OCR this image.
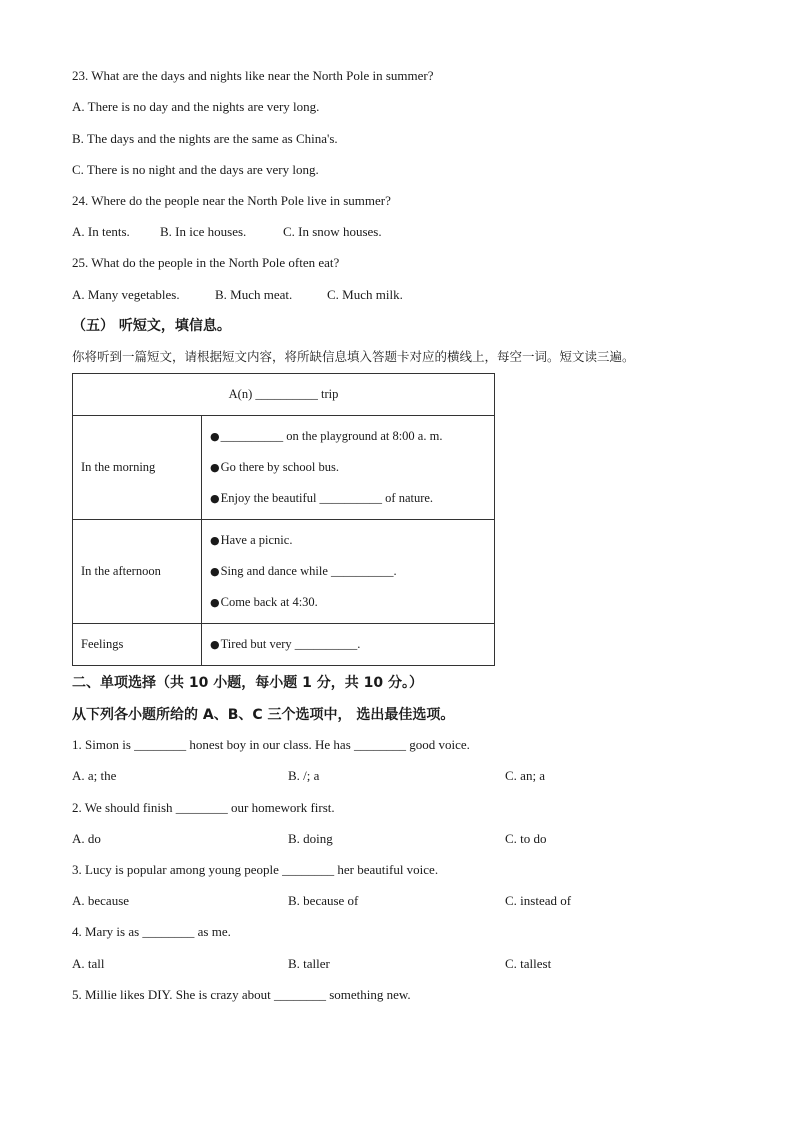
23. What are the days and nights like near the North Pole in summer?
A. There is no day and the nights are very long.
B. The days and the nights are the same as China's.
C. There is no night and the days are very long.
24. Where do the people near the North Pole live in summer?
A. In tents. B. In ice houses.	C. In snow houses.
25. What do the people in the North Pole often eat?
A. Many vegetables.	B. Much meat.	C. Much milk.
（五） 听短文，填信息。
你将听到一篇短文，请根据短文内容，将所缺信息填入答题卡对应的横线上，每空一词。短文读三遍。
A(n) __________ trip	
In the morning	●__________ on the playground at 8:00 a. m.
●Go there by school bus.
●Enjoy the beautiful __________ of nature.

In the afternoon	●Have a picnic.
●Sing and dance while __________.
●Come back at 4:30.

Feelings	●Tired but very __________.
二、单项选择（共 10 小题，每小题 1 分，共 10 分。）
从下列各小题所给的 A、B、C 三个选项中， 选出最佳选项。
1. Simon is ________ honest boy in our class. He has ________ good voice.
A. a; the	B. /; a	C. an; a
2. We should finish ________ our homework first.
A. do	B. doing	C. to do
3. Lucy is popular among young people ________ her beautiful voice.
A. because	B. because of	C. instead of
4. Mary is as ________ as me.
A. tall	B. taller	C. tallest
5. Millie likes DIY. She is crazy about ________ something new.
